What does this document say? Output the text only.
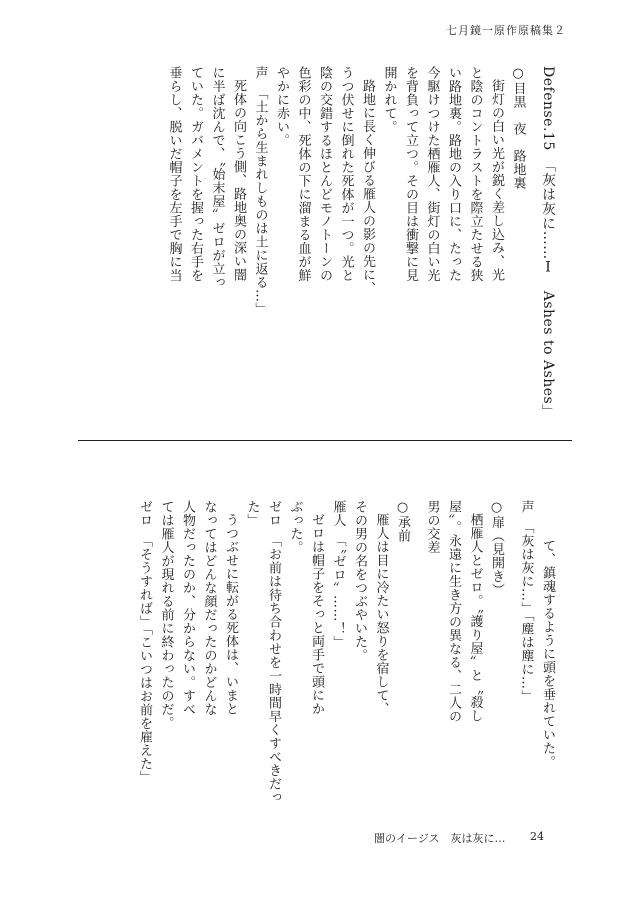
七月鏡一原作原稿集２
Defense.15　「灰は灰に……Ⅰ　Ashes to Ashes」
○目黒　夜　路地裏
街灯の白い光が鋭く差し込み、光
と陰のコントラストを際立たせる狭
い路地裏。路地の入り口に、たった
今駆けつけた栖雁人、街灯の白い光
を背負って立つ。その目は衝撃に見
開かれて。
路地に長く伸びる雁人の影の先に、
うつ伏せに倒れた死体が一つ。光と
陰の交錯するほとんどモノトーンの
色彩の中、死体の下に溜まる血が鮮
やかに赤い。
声　「土から生まれしものは土に返る…」
死体の向こう側、路地奥の深い闇
に半ば沈んで、〝始末屋〟ゼロが立っ
ていた。ガバメントを握った右手を
垂らし、脱いだ帽子を左手で胸に当
て、鎮魂するように頭を垂れていた。
声　「灰は灰に…」「塵は塵に…」
○扉（見開き）
栖雁人とゼロ。〝護り屋〟と〝殺し
屋〟。永遠に生き方の異なる、二人の
男の交差
○承前
雁人は目に冷たい怒りを宿して、
その男の名をつぶやいた。
雁人　「〝ゼロ〟……！」
ゼロは帽子をそっと両手で頭にか
ぶった。
ゼロ　「お前は待ち合わせを一時間早くすべきだっ
た」
うつぶせに転がる死体は、いまと
なってはどんな顔だったのかどんな
人物だったのか、分からない。すべ
ては雁人が現れる前に終わったのだ。
ゼロ　「そうすれば」「こいつはお前を雇えた」
闇のイージス　灰は灰に… 24
